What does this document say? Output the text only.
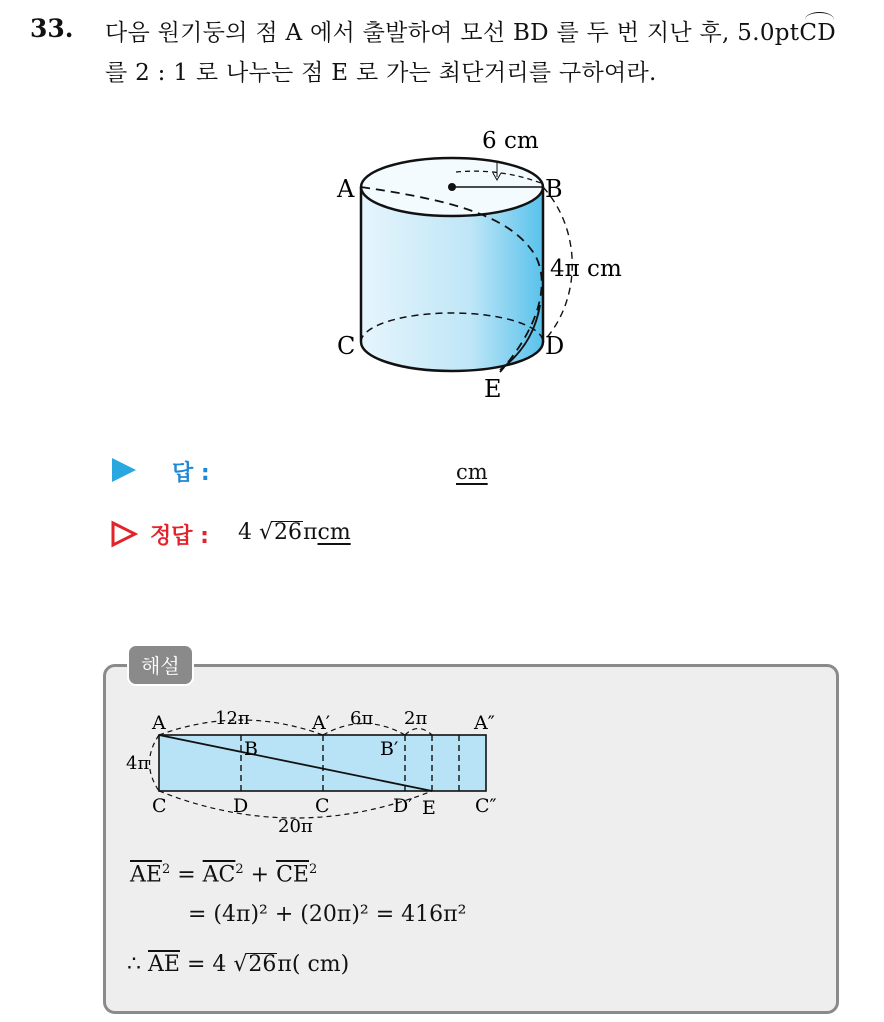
33. 다음 원기둥의 점 A 에서 출발하여 모선 BD 를 두 번 지난 후, 5.0ptCD
를 2 : 1 로 나누는 점 E 로 가는 최단거리를 구하여라.
6 cm
A	B
4π cm
C	D
E
답 :	cm
정답 : 4 √26πcm
해설
A	A′
B′
A″
B
C	D	C	D′ E C″
12π	6π 2π
4π
20π
$\overline{AE}^2 = \overline{AC}^2 + \overline{CE}^2$
= (4π)² + (20π)² = 416π²
∴ $\overline{AE} = 4$ √26π( cm)
